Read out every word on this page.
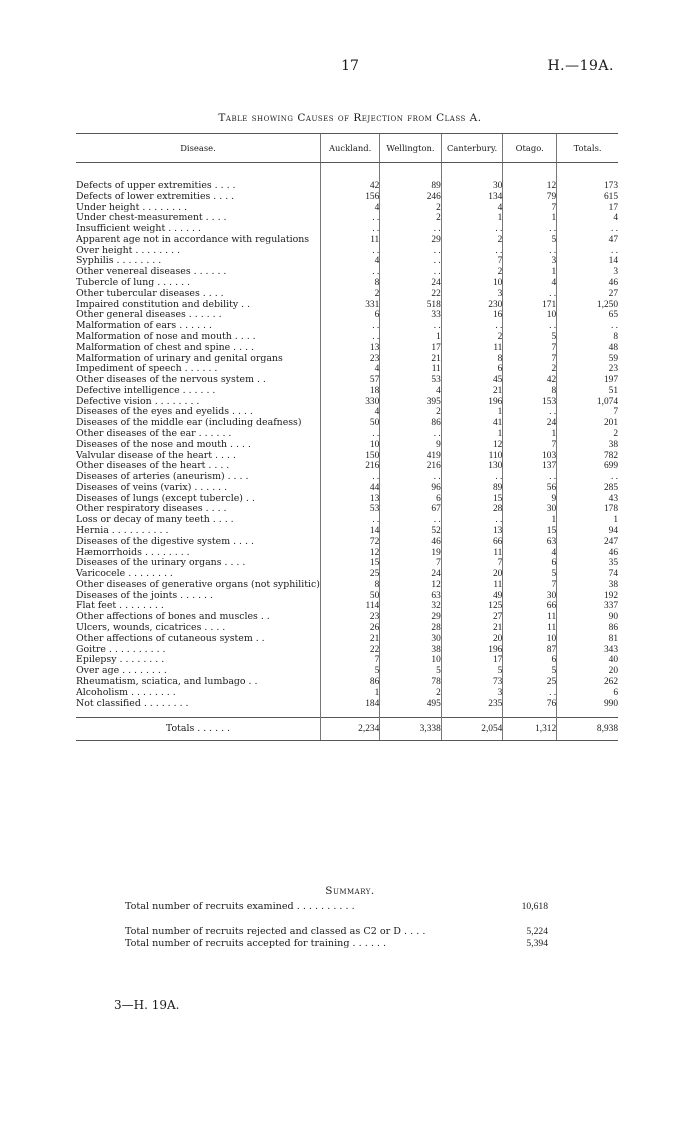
17	H.—19A.
Table showing Causes of Rejection from Class A.
Disease.	Auckland.	Wellington.	Canterbury.	Otago.	Totals.

Defects of upper extremities . . . .	42	89	30	12	173
Defects of lower extremities . . . .	156	246	134	79	615
Under height . . . . . . . .	4	2	4	7	17
Under chest-measurement . . . .	. .	2	1	1	4
Insufficient weight . . . . . .	. .	. .	. .	. .	. .
Apparent age not in accordance with regulations	11	29	2	5	47
Over height . . . . . . . .	. .	. .	. .	. .	. .
Syphilis . . . . . . . .	4	. .	7	3	14
Other venereal diseases . . . . . .	. .	. .	2	1	3
Tubercle of lung . . . . . .	8	24	10	4	46
Other tubercular diseases . . . .	2	22	3	. .	27
Impaired constitution and debility . .	331	518	230	171	1,250
Other general diseases . . . . . .	6	33	16	10	65
Malformation of ears . . . . . .	. .	. .	. .	. .	. .
Malformation of nose and mouth . . . .	. .	1	2	5	8
Malformation of chest and spine . . . .	13	17	11	7	48
Malformation of urinary and genital organs	23	21	8	7	59
Impediment of speech . . . . . .	4	11	6	2	23
Other diseases of the nervous system . .	57	53	45	42	197
Defective intelligence . . . . . .	18	4	21	8	51
Defective vision . . . . . . . .	330	395	196	153	1,074
Diseases of the eyes and eyelids . . . .	4	2	1	. .	7
Diseases of the middle ear (including deafness)	50	86	41	24	201
Other diseases of the ear . . . . . .	. .	. .	1	1	2
Diseases of the nose and mouth . . . .	10	9	12	7	38
Valvular disease of the heart . . . .	150	419	110	103	782
Other diseases of the heart . . . .	216	216	130	137	699
Diseases of arteries (aneurism) . . . .	. .	. .	. .	. .	. .
Diseases of veins (varix) . . . . . .	44	96	89	56	285
Diseases of lungs (except tubercle) . .	13	6	15	9	43
Other respiratory diseases . . . .	53	67	28	30	178
Loss or decay of many teeth . . . .	. .	. .	. .	1	1
Hernia . . . . . . . . . .	14	52	13	15	94
Diseases of the digestive system . . . .	72	46	66	63	247
Hæmorrhoids . . . . . . . .	12	19	11	4	46
Diseases of the urinary organs . . . .	15	7	7	6	35
Varicocele . . . . . . . .	25	24	20	5	74
Other diseases of generative organs (not syphilitic)	8	12	11	7	38
Diseases of the joints . . . . . .	50	63	49	30	192
Flat feet . . . . . . . .	114	32	125	66	337
Other affections of bones and muscles . .	23	29	27	11	90
Ulcers, wounds, cicatrices . . . .	26	28	21	11	86
Other affections of cutaneous system . .	21	30	20	10	81
Goitre . . . . . . . . . .	22	38	196	87	343
Epilepsy . . . . . . . .	7	10	17	6	40
Over age . . . . . . . .	5	5	5	5	20
Rheumatism, sciatica, and lumbago . .	86	78	73	25	262
Alcoholism . . . . . . . .	1	2	3	. .	6
Not classified . . . . . . . .	184	495	235	76	990

Totals . . . . . .	2,234	3,338	2,054	1,312	8,938
Summary.
Total number of recruits examined . . . . . . . . . .	10,618
Total number of recruits rejected and classed as C2 or D . . . .	5,224
Total number of recruits accepted for training . . . . . .	5,394
3—H. 19A.
